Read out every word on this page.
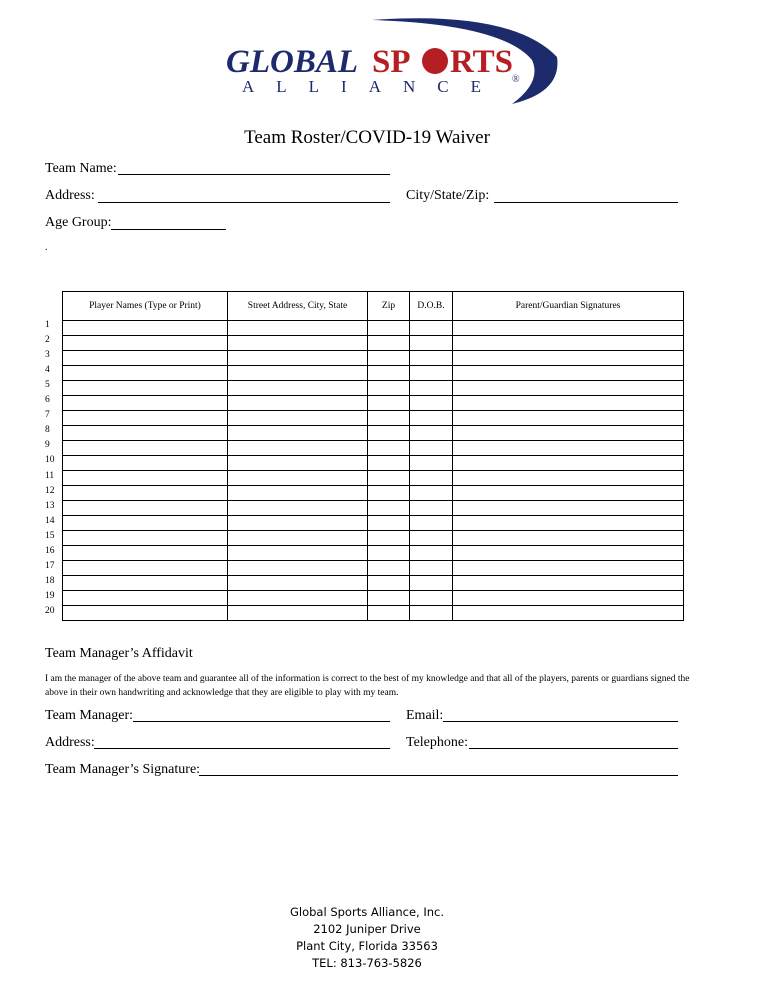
GLOBAL SP RTS
ALLIANCE ®
Team Roster/COVID-19 Waiver
Team Name:
Address:	City/State/Zip:
Age Group:
.
Player Names (Type or Print)	Street Address, City, State	Zip	D.O.B.	Parent/Guardian Signatures

1
2
3
4
5
6
7
8
9
10
11
12
13
14
15
16
17
18
19
20
Team Manager’s Affidavit
I am the manager of the above team and guarantee all of the information is correct to the best of my knowledge and that all of the players, parents or guardians signed the above in their own handwriting and acknowledge that they are eligible to play with my team.
Team Manager:	Email:
Address:	Telephone:
Team Manager’s Signature:
Global Sports Alliance, Inc.
2102 Juniper Drive
Plant City, Florida 33563
TEL: 813-763-5826
